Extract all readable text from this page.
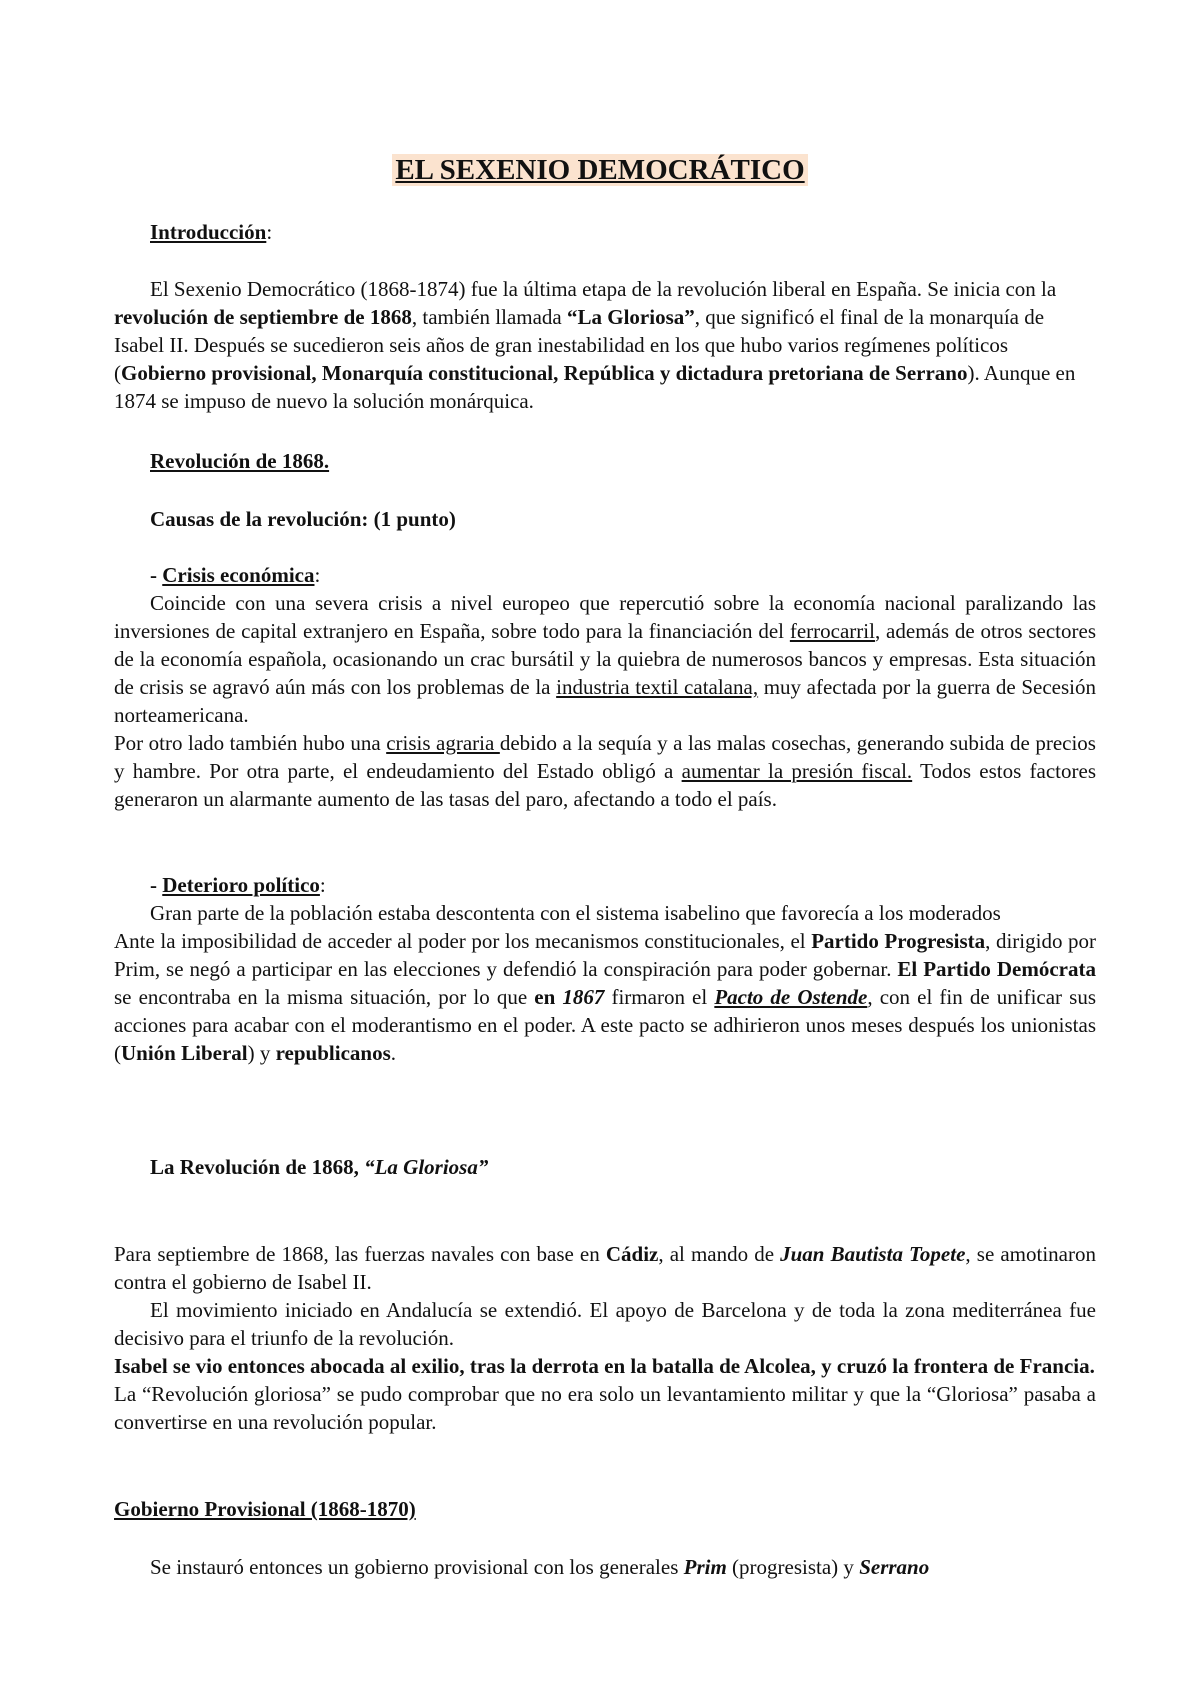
EL SEXENIO DEMOCRÁTICO

Introducción:

El Sexenio Democrático (1868-1874) fue la última etapa de la revolución liberal en España. Se inicia con la revolución de septiembre de 1868, también llamada “La Gloriosa”, que significó el final de la monarquía de Isabel II. Después se sucedieron seis años de gran inestabilidad en los que hubo varios regímenes políticos (Gobierno provisional, Monarquía constitucional, República y dictadura pretoriana de Serrano). Aunque en 1874 se impuso de nuevo la solución monárquica.

Revolución de 1868.

Causas de la revolución: (1 punto)

- Crisis económica:

Coincide con una severa crisis a nivel europeo que repercutió sobre la economía nacional paralizando las inversiones de capital extranjero en España, sobre todo para la financiación del ferrocarril, además de otros sectores de la economía española, ocasionando un crac bursátil y la quiebra de numerosos bancos y empresas. Esta situación de crisis se agravó aún más con los problemas de la industria textil catalana, muy afectada por la guerra de Secesión norteamericana.

Por otro lado también hubo una crisis agraria debido a la sequía y a las malas cosechas, generando subida de precios y hambre. Por otra parte, el endeudamiento del Estado obligó a aumentar la presión fiscal. Todos estos factores generaron un alarmante aumento de las tasas del paro, afectando a todo el país.

- Deterioro político:

Gran parte de la población estaba descontenta con el sistema isabelino que favorecía a los moderados

Ante la imposibilidad de acceder al poder por los mecanismos constitucionales, el Partido Progresista, dirigido por Prim, se negó a participar en las elecciones y defendió la conspiración para poder gobernar. El Partido Demócrata se encontraba en la misma situación, por lo que en 1867 firmaron el Pacto de Ostende, con el fin de unificar sus acciones para acabar con el moderantismo en el poder. A este pacto se adhirieron unos meses después los unionistas (Unión Liberal) y republicanos.

La Revolución de 1868, “La Gloriosa”

Para septiembre de 1868, las fuerzas navales con base en Cádiz, al mando de Juan Bautista Topete, se amotinaron contra el gobierno de Isabel II.

El movimiento iniciado en Andalucía se extendió. El apoyo de Barcelona y de toda la zona mediterránea fue decisivo para el triunfo de la revolución.

Isabel se vio entonces abocada al exilio, tras la derrota en la batalla de Alcolea, y cruzó la frontera de Francia.

La “Revolución gloriosa” se pudo comprobar que no era solo un levantamiento militar y que la “Gloriosa” pasaba a convertirse en una revolución popular.

Gobierno Provisional (1868-1870)

Se instauró entonces un gobierno provisional con los generales Prim (progresista) y Serrano
